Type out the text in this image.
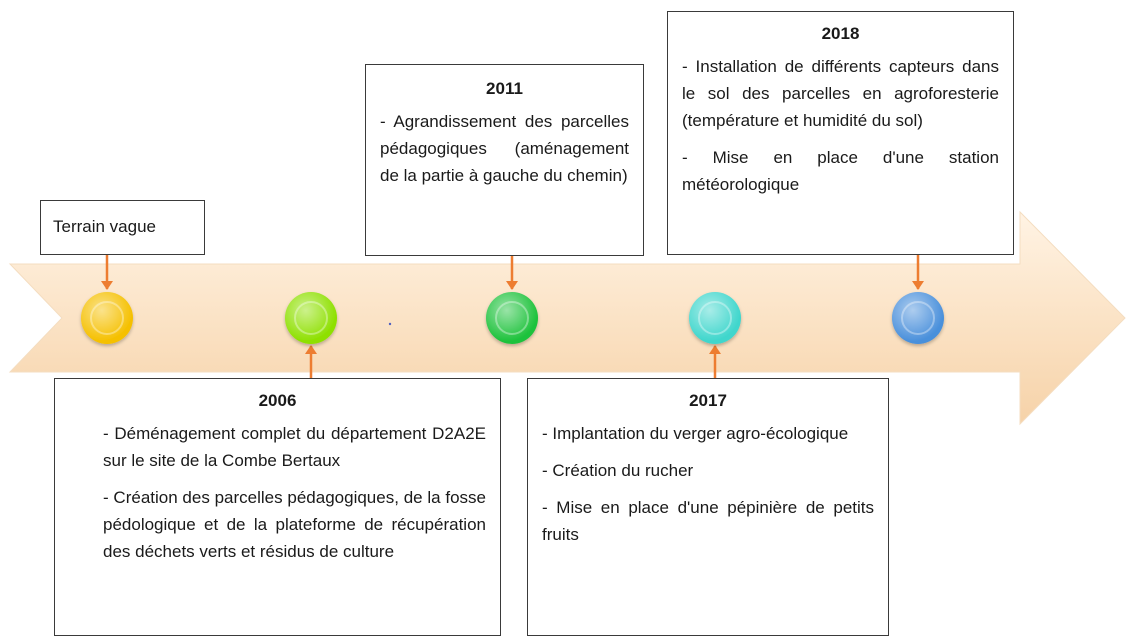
Terrain vague
2011

- Agrandissement des parcelles pédagogiques (aménagement de la partie à gauche du chemin)

2018

- Installation de différents capteurs dans le sol des parcelles en agroforesterie (température et humidité du sol)

- Mise en place d'une station météorologique

2006

- Déménagement complet du département D2A2E sur le site de la Combe Bertaux

- Création des parcelles pédagogiques, de la fosse pédologique et de la plateforme de récupération des déchets verts et résidus de culture

2017

- Implantation du verger agro-écologique

- Création du rucher

- Mise en place d'une pépinière de petits fruits
